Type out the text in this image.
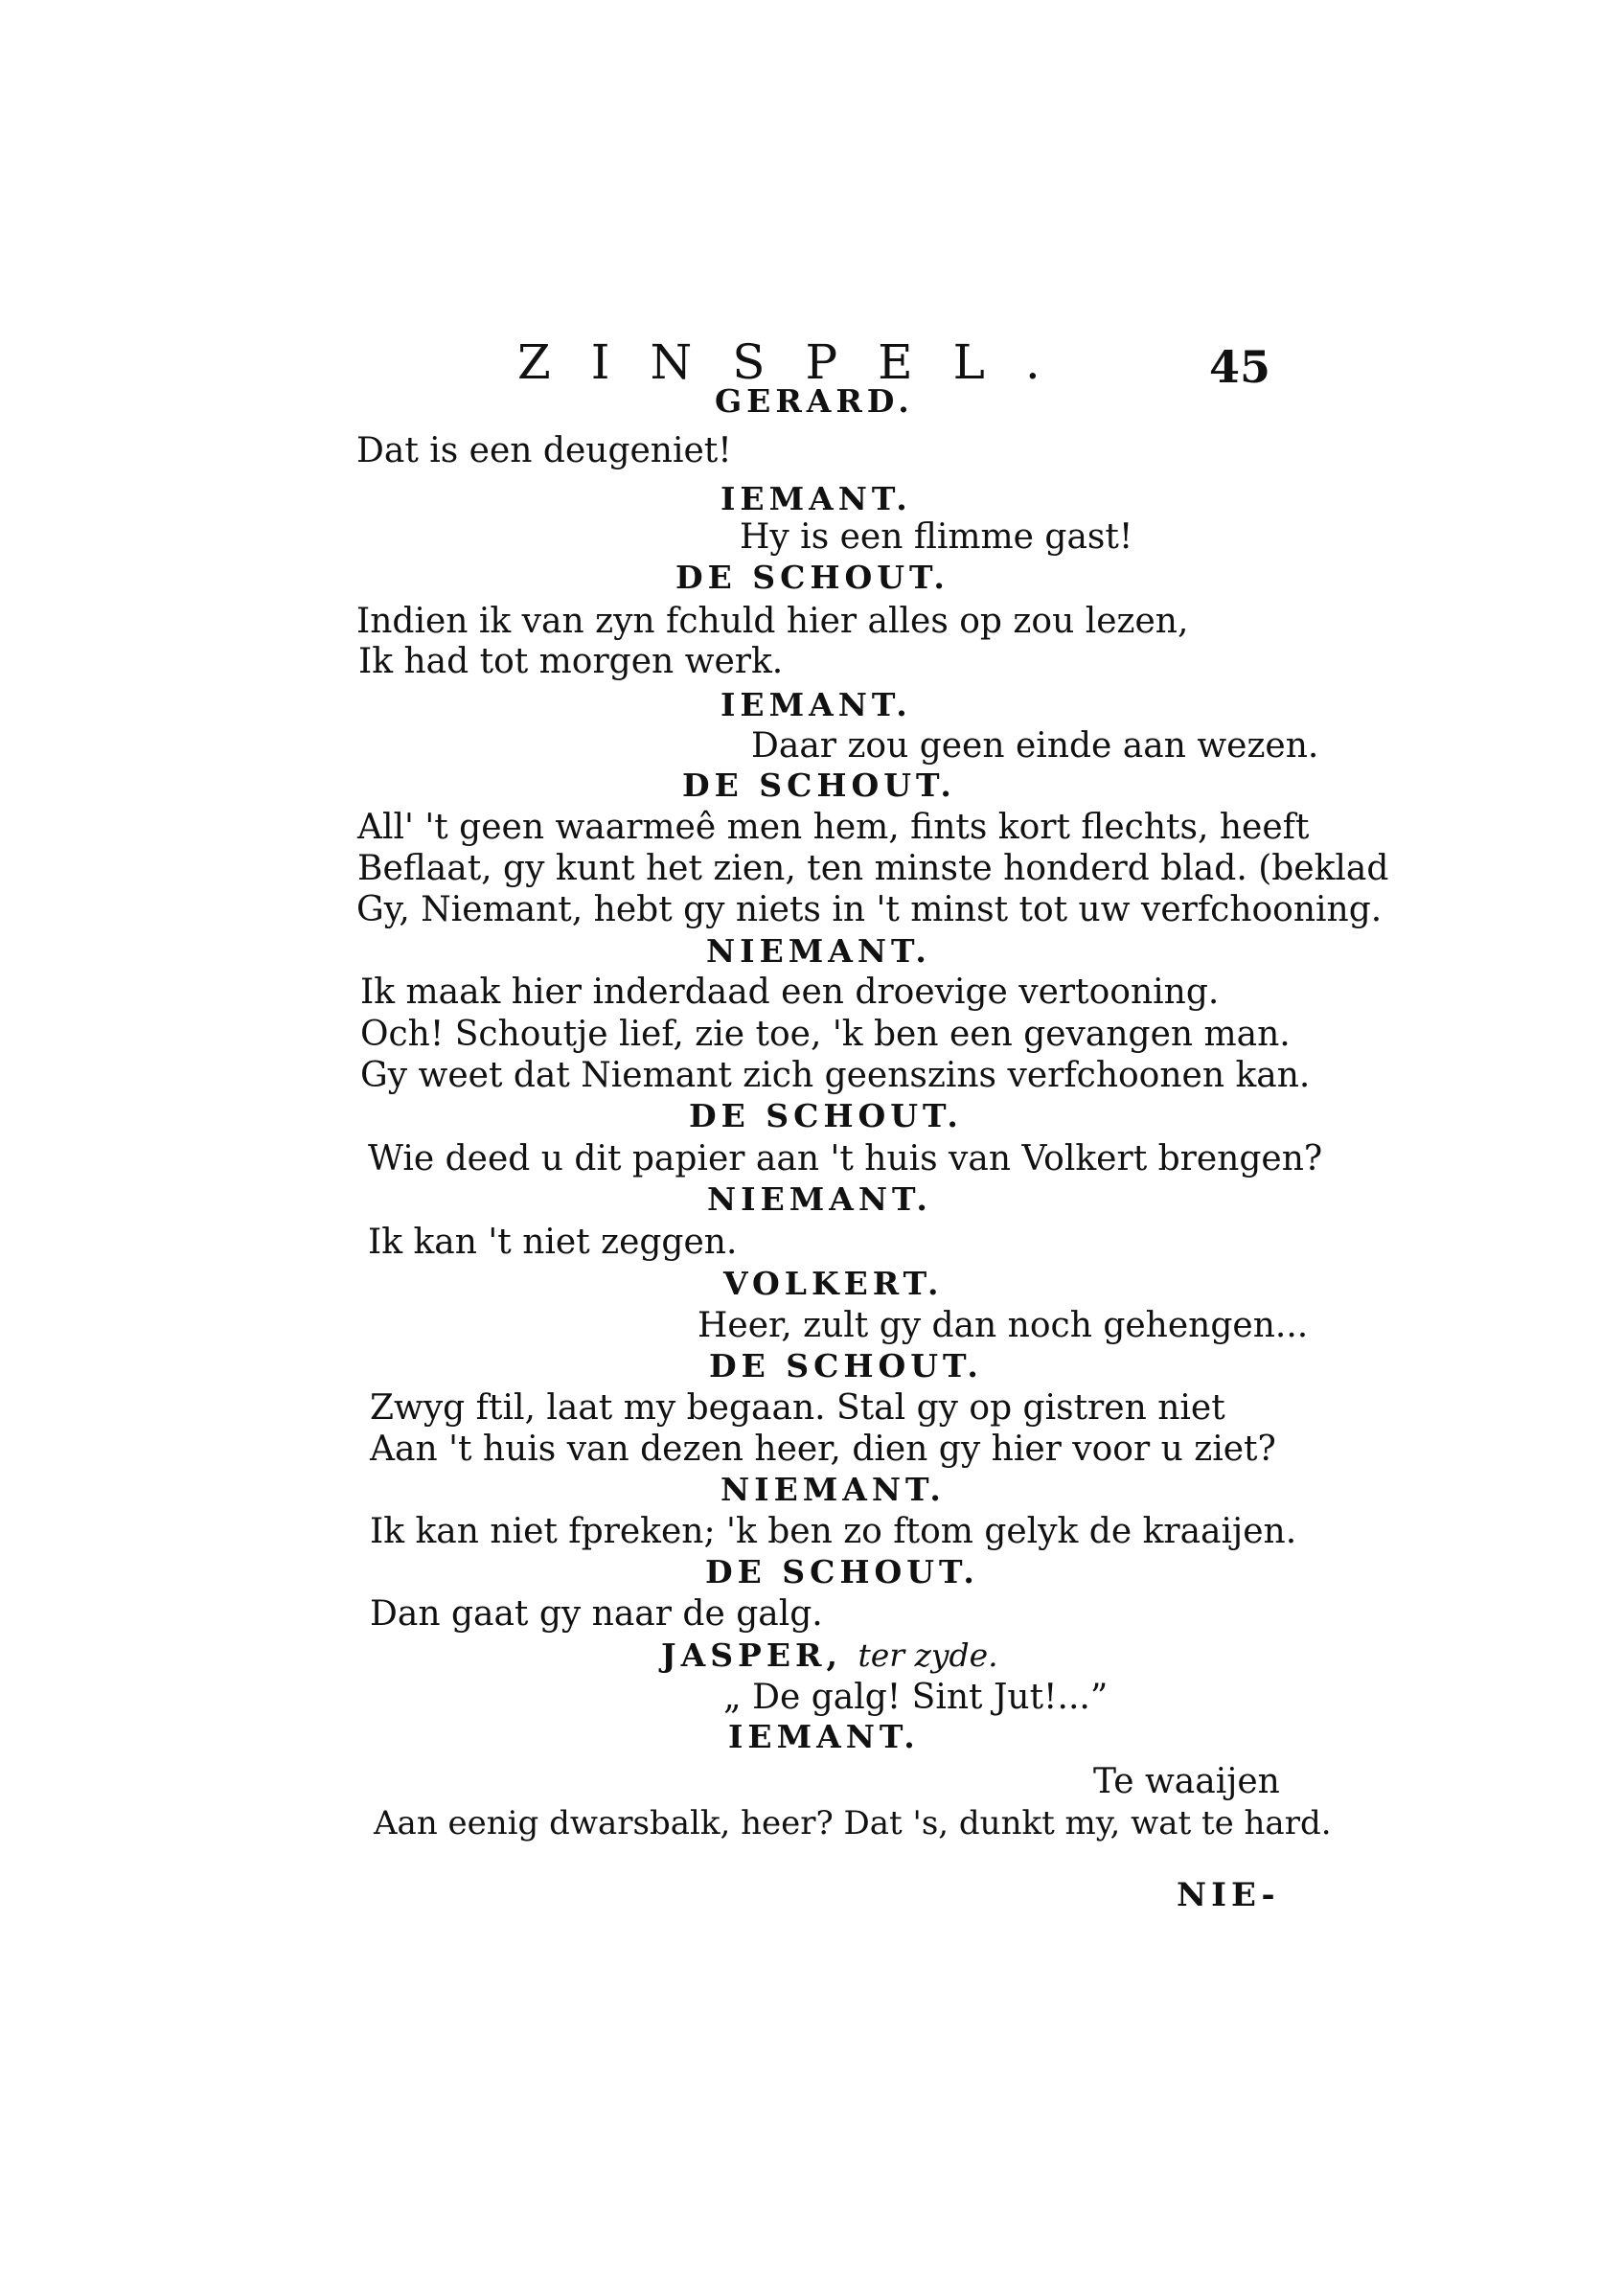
ZINSPEL.	45
GERARD.
Dat is een deugeniet!
IEMANT.
Hy is een flimme gast!
DE SCHOUT.
Indien ik van zyn fchuld hier alles op zou lezen,
Ik had tot morgen werk.
IEMANT.
Daar zou geen einde aan wezen.
DE SCHOUT.
All' 't geen waarmeê men hem, fints kort flechts, heeft
Beflaat, gy kunt het zien, ten minste honderd blad. (beklad
Gy, Niemant, hebt gy niets in 't minst tot uw verfchooning.
NIEMANT.
Ik maak hier inderdaad een droevige vertooning.
Och! Schoutje lief, zie toe, 'k ben een gevangen man.
Gy weet dat Niemant zich geenszins verfchoonen kan.
DE SCHOUT.
Wie deed u dit papier aan 't huis van Volkert brengen?
NIEMANT.
Ik kan 't niet zeggen.
VOLKERT.
Heer, zult gy dan noch gehengen...
DE SCHOUT.
Zwyg ftil, laat my begaan. Stal gy op gistren niet
Aan 't huis van dezen heer, dien gy hier voor u ziet?
NIEMANT.
Ik kan niet fpreken; 'k ben zo ftom gelyk de kraaijen.
DE SCHOUT.
Dan gaat gy naar de galg.
JASPER, ter zyde.
„ De galg! Sint Jut!...”
IEMANT.
Te waaijen
Aan eenig dwarsbalk, heer? Dat 's, dunkt my, wat te hard.
NIE-
